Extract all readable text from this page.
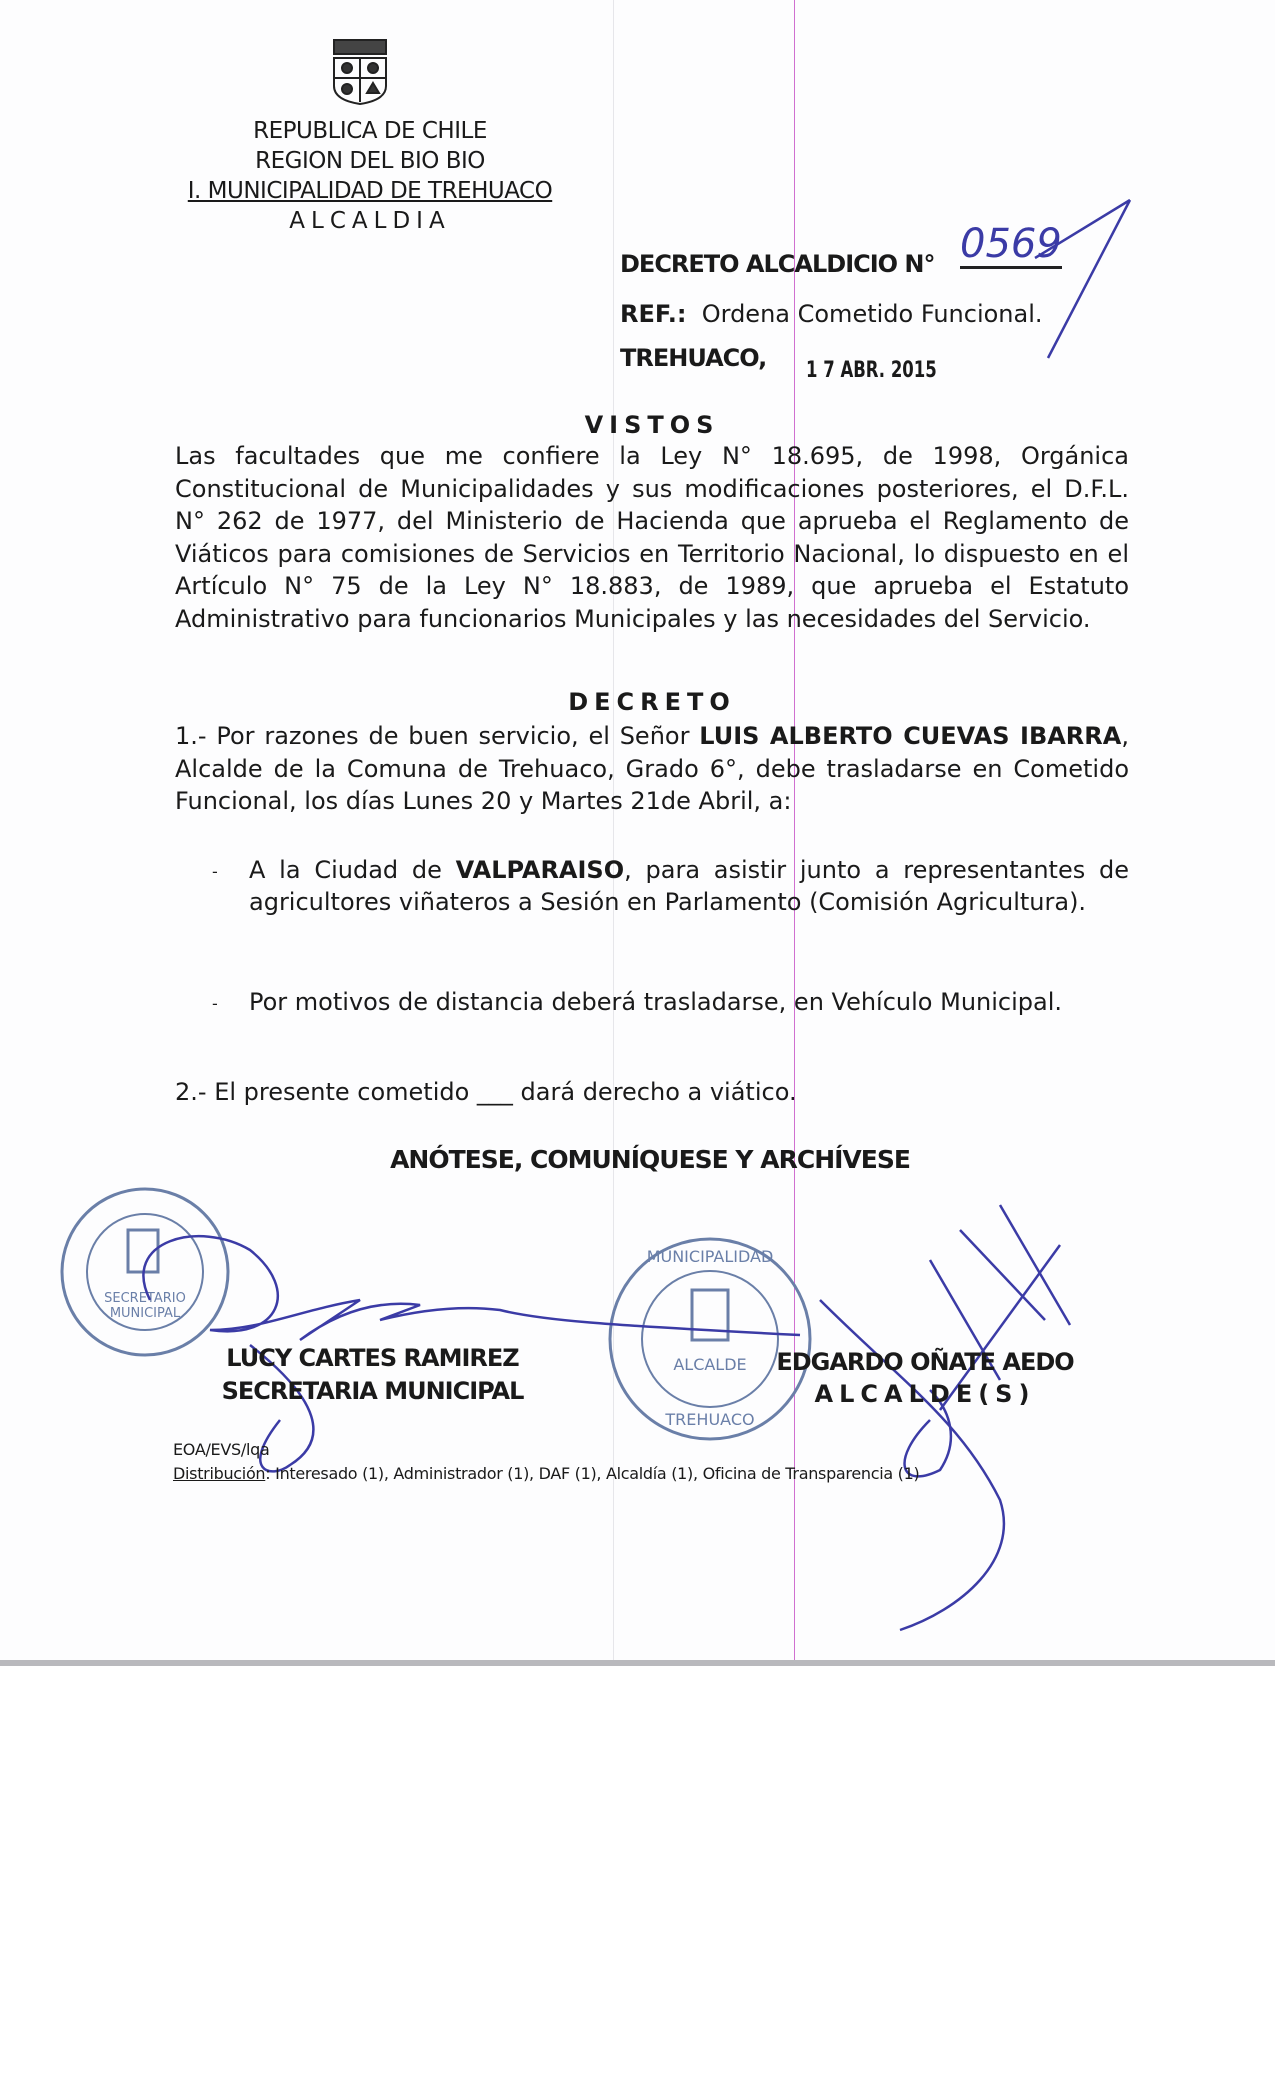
REPUBLICA DE CHILE
REGION DEL BIO BIO
I. MUNICIPALIDAD DE TREHUACO
ALCALDIA
DECRETO ALCALDICIO N° 0569
REF.: Ordena Cometido Funcional.
TREHUACO, 1 7 ABR. 2015
VISTOS
Las facultades que me confiere la Ley N° 18.695, de 1998, Orgánica Constitucional de Municipalidades y sus modificaciones posteriores, el D.F.L. N° 262 de 1977, del Ministerio de Hacienda que aprueba el Reglamento de Viáticos para comisiones de Servicios en Territorio Nacional, lo dispuesto en el Artículo N° 75 de la Ley N° 18.883, de 1989, que aprueba el Estatuto Administrativo para funcionarios Municipales y las necesidades del Servicio.
DECRETO
1.- Por razones de buen servicio, el Señor LUIS ALBERTO CUEVAS IBARRA, Alcalde de la Comuna de Trehuaco, Grado 6°, debe trasladarse en Cometido Funcional, los días Lunes 20 y Martes 21de Abril, a:
- A la Ciudad de VALPARAISO, para asistir junto a representantes de agricultores viñateros a Sesión en Parlamento (Comisión Agricultura).
- Por motivos de distancia deberá trasladarse, en Vehículo Municipal.
2.- El presente cometido ___ dará derecho a viático.
ANÓTESE, COMUNÍQUESE Y ARCHÍVESE
SECRETARIO
MUNICIPAL
ALCALDE
MUNICIPALIDAD
TREHUACO
LUCY CARTES RAMIREZ
SECRETARIA MUNICIPAL
EDGARDO OÑATE AEDO
ALCALDE(S)
EOA/EVS/lqa
Distribución: Interesado (1), Administrador (1), DAF (1), Alcaldía (1), Oficina de Transparencia (1)
